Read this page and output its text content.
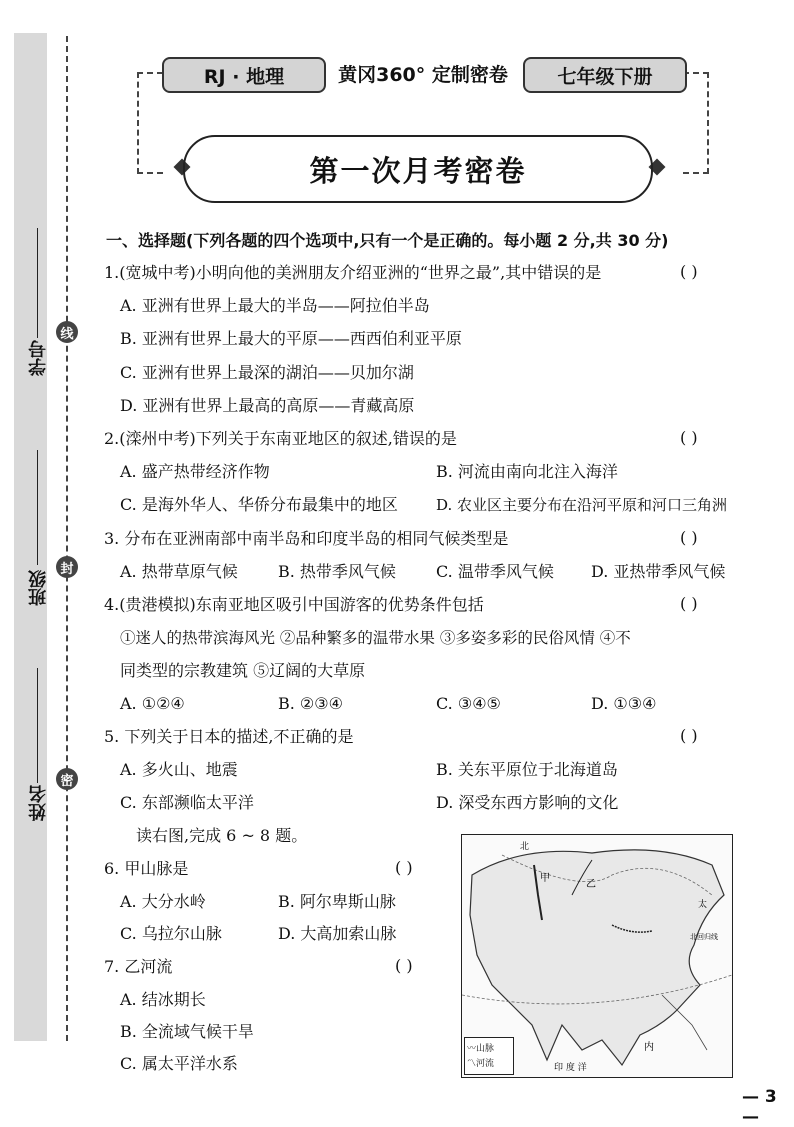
学号
班级
姓名
线
封
密
RJ · 地理	黄冈360° 定制密卷	七年级下册
第一次月考密卷
一、选择题(下列各题的四个选项中,只有一个是正确的。每小题 2 分,共 30 分)
1.(宽城中考)小明向他的美洲朋友介绍亚洲的“世界之最”,其中错误的是	( )
A. 亚洲有世界上最大的半岛——阿拉伯半岛
B. 亚洲有世界上最大的平原——西西伯利亚平原
C. 亚洲有世界上最深的湖泊——贝加尔湖
D. 亚洲有世界上最高的高原——青藏高原
2.(滦州中考)下列关于东南亚地区的叙述,错误的是	( )
A. 盛产热带经济作物	B. 河流由南向北注入海洋
C. 是海外华人、华侨分布最集中的地区	D. 农业区主要分布在沿河平原和河口三角洲
3. 分布在亚洲南部中南半岛和印度半岛的相同气候类型是	( )
A. 热带草原气候	B. 热带季风气候	C. 温带季风气候 D. 亚热带季风气候
4.(贵港模拟)东南亚地区吸引中国游客的优势条件包括	( )
①迷人的热带滨海风光 ②品种繁多的温带水果 ③多姿多彩的民俗风情 ④不
同类型的宗教建筑 ⑤辽阔的大草原
A. ①②④	B. ②③④	C. ③④⑤	D. ①③④
5. 下列关于日本的描述,不正确的是	( )
A. 多火山、地震	B. 关东平原位于北海道岛
C. 东部濒临太平洋	D. 深受东西方影响的文化
读右图,完成 6 ~ 8 题。
6. 甲山脉是	( )
A. 大分水岭	B. 阿尔卑斯山脉
C. 乌拉尔山脉	D. 大高加索山脉
7. 乙河流	( )
A. 结冰期长
B. 全流域气候干旱
C. 属太平洋水系
甲
乙
内
北
太
北回归线
印 度 洋
〰山脉
〽河流
— 3 —
